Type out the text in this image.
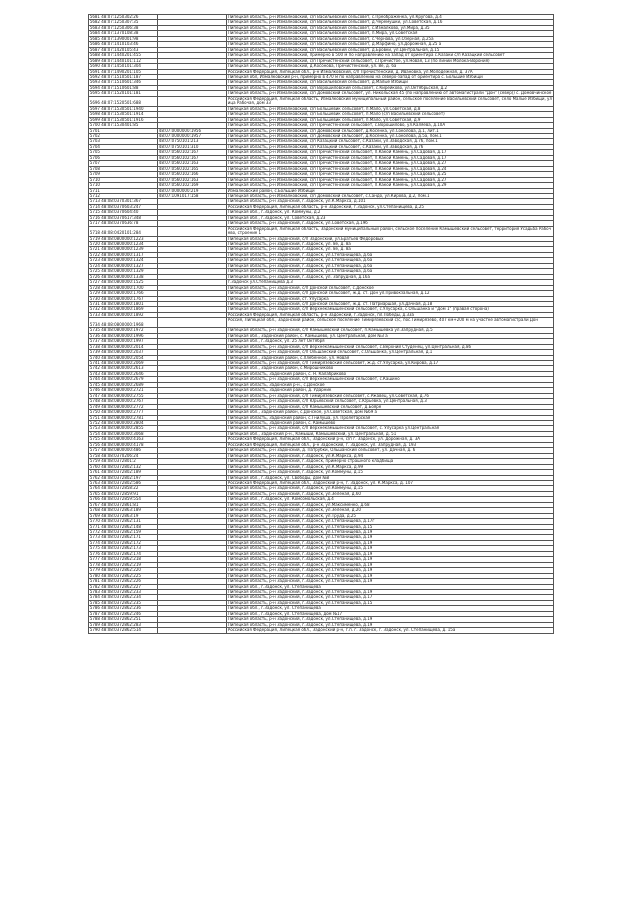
5681 48:07:1250302:26		Липецкая область, р-н Измалковский, с/п Васильевский сельсовет, с.Преображенка, ул.Кругова, д.4
5682 48:07:1250307:35		Липецкая область, р-н Измалковский, с/п Васильевский сельсовет, д.Черемушки, ул.Советская, д.16
5683 48:07:1250306:38		Липецкая область, р-н Измалковский, с/п Васильевский сельсовет, с.Измалково, ул.Мира, д.35
5684 48:07:1370108:38		Липецкая область, р-н Измалковский, с/п Васильевский сельсовет, п.Мира, ул.Советская
5685 48:07:1390001:98		Липецкая область, р-н Измалковский, с/п Васильевский сельсовет, с.Чернава, ул.Озерная, д.25а
5686 48:07:1410103:46		Липецкая область, р-н Измалковский, с/п Васильевский сельсовет, д.Марфино, ул.Дорожная, д.25 а
5687 48:07:1420105:43		Липецкая область, р-н Измалковский, с/п Васильевский сельсовет, д.Бровки, ул.Центральная, д.15
5688 48:07:1440201:455		Липецкая область, р-н Измалковский, примерно в 500 м по направлению на запад от ориентира с.Казаки с/п Казацкий сельсовет
5689 48:07:1440101:112		Липецкая область, р-н Измалковский, с/п Пречистенский сельсовет, с.Пречистое, ул.Новая, 13 (по линии Молока-Ворония)
5690 48:07:1450101:304		Липецкая область, р-н Измалковский, д.Косонова, Пречистенский, ул. 8е, д. 6а
5691 48:07:1490201:105		Российская Федерация, Липецкая обл., р-н Измалковский, с/п Пречистенский, д. Ивановка, ул.Молодежная, д. 37А
5692 48:07:1510501:187		Липецкая обл, Измалковский р-н, примерно в 470 м по направлению на северо-запад от ориентира с. Большие Избищи
5693 48:07:1510601:346		Липецкая область, р-н Измалковский, с/п Васильевский сельсовет, д.Малые Избищи
5694 48:07:1510601:88		Липецкая область, р-н Измалковский, с/п Ворошиловский сельсовет, с.Кирейково, ул.Октябрьская, д.2
5695 48:07:1520101:181		Липецкая область, р-н Измалковский, с/п Домовский сельсовет, ул. Никольская 45 (по направлению от автомагистрали "Дон" (север)) с. Домовчинское
5696 48:07:1520501:688		Российская Федерация, Липецкая область, Измалковский муниципальный район, сельское поселение Васильевский сельсовет, село Малые Избищи, улица Рабочая, дом 33
5697 48:07:1530501:1940		Липецкая область, р-н Измалковский, с/п Большевик сельсовет, п.Мало, ул.Советская, д.8
5698 48:07:1530501:1914		Липецкая область, р-н Измалковский, с/п Большевик сельсовет, п.Мало (с/п Васильевский сельсовет)
5699 48:07:1530501:1916		Липецкая область, р-н Измалковский, с/п Большевик сельсовет, п.Мало, ул.Советская, д.9
5700 48:07:1530401:85		Липецкая область, р-н Измалковский, с/п Пречистенский сельсовет, с.Ворошилово, ул.Каляева, д.10А
5701	48:07:0000000:1956	Липецкая область, р-н Измалковский, с/п Домовский сельсовет, д.Косенка, ул.Соколова, д.1, лит.1
5702	48:07:0000000:1957	Липецкая область, р-н Измалковский, с/п Домовский сельсовет, д.Косенка, ул.Соколова, д.5а, пом.1
5703	48:07:0750101:213	Липецкая область, р-н Измалковский, с/п Казацкий сельсовет, с.Казаки, ул.Заводская, д.76, пом.1
5704	48:07:0750101:310	Липецкая область, р-н Измалковский, с/п Казацкий сельсовет, с.Казаки, ул.Заводская, д.76
5705	48:07:0560102:167	Липецкая область, р-н Измалковский, с/п Пречистенский сельсовет, п.Какой Камень, ул.Садовая, д.17
5706	48:07:0560102:167	Липецкая область, р-н Измалковский, с/п Пречистенский сельсовет, п.Какой Камень, ул.Садовая, д.17
5707	48:07:0560102:163	Липецкая область, р-н Измалковский, с/п Пречистенский сельсовет, п.Какой Камень, ул.Садовая, д.27
5708	48:07:0560102:165	Липецкая область, р-н Измалковский, с/п Пречистенский сельсовет, п.Какой Камень, ул.Садовая, д.24
5709	48:07:0560102:166	Липецкая область, р-н Измалковский, с/п Пречистенский сельсовет, п.Какой Камень, ул.Садовая, д.25
5710	48:07:0560102:163	Липецкая область, р-н Измалковский, с/п Пречистенский сельсовет, п.Какой Камень, ул.Садовая, д.27
5710	48:07:0560102:169	Липецкая область, р-н Измалковский, с/п Пречистенский сельсовет, п.Какой Камень, ул.Садовая, д.29
5711	48:07:0000000:219	Измалковский район, с.Большие Избищи
5712	48:07:1091017:158	Липецкая область, р-н Измалковский, с/п Домовский сельсовет, с.Сандо, ул.Кирова, д.2, пом.1
5713 48:08:0370301:367		Липецкая область, р-н Задонский, г.Задонск, ул.К.Маркса, д.101
5714 48:08:0370603:247		Российская Федерация, Липецкая область, р-н Задонский, г.Задонск, ул.Степанищева, д.25
5715 48:08:0370604:40		Липецкая обл., г.Задонск, ул. Коммуны, д.2
5716 48:08:0370617:348		Липецкая обл., г.Задонск, ул. Советская, д.23
5717 48:08:0370636:78		Липецкая область, р-н Задонский, г.Задонск, ул.Советская, д.19б
5718 48:08:0420101:284		Российская Федерация, Липецкая область, Задонский муниципальный район, сельское поселение Камышевский сельсовет, территория Усадьба Рабочево, строение 1
5719 48:08:0800000:1223		Липецкая область, р-н Задонский, с/п Задонский, ул.Братьев Федоровых
5720 48:08:0800000:1234		Липецкая область, р-н Задонский, г.Задонск, ул. 8е, д. 8а
5721 48:08:0800000:1239		Липецкая область, р-н Задонский, г.Задонск, ул. 8е, д. 8а
5722 48:08:0800000:1317		Липецкая область, р-н Задонский, г.Задонск, ул.Степанищева, д.6а
5723 48:08:0800000:1324		Липецкая область, р-н Задонский, г.Задонск, ул.Степанищева, д.6а
5724 48:08:0800000:1327		Липецкая область, р-н Задонский, г.Задонск, ул.Степанищева, д.6а
5725 48:08:0800000:1329		Липецкая область, р-н Задонский, г.Задонск, ул.Степанищева, д.6а
5726 48:08:0800000:1338		Липецкая область, р-н Задонский, г.Задонск, ул. Запрудная, д.16а
5727 48:08:0800000:1525		г.Задонск ул.Степанищева д.3
5728 48:08:0800000:1700		Липецкая область, р-н Задонский, с/п Донской сельсовет, с.Донское
5729 48:08:0800000:1766		Липецкая область, р-н Задонский, с/п Донской сельсовет, ж.д. ст. Дон ул.Привокзальная, д.12
5730 48:08:0800000:1767		Липецкая область, р-н Задонский, ст. Улусарка
5731 48:08:0800000:1801		Липецкая область, р-н Задонский, с/п Донской сельсовет, ж.д. ст. Патриаршая, ул.Дачная, д.18
5732 48:08:0800000:1869		Липецкая область, р-н Задонский, с/п Верхнекамышенский сельсовет, с.Улусарка, с.Ольшанка и "Дом 1" (правая сторона)
5733 48:08:0800000:1892		Российская Федерация, Липецкая область, р-н Задонский, г.Задонск, пл.Победы, д.33а
5734 48:08:0800000:1968		Россия, Липецкая обл., Задонский район, сельское поселение Тимирязевский с/с, пос.Тимирязево, 407 км+200 м на участке автомагистрали Дон
5735 48:08:0800000:1972		Липецкая область, р-н Задонский, с/п Камышевский сельсовет, п.Камышевка ул.Запрудная, д.5
5736 48:08:0800000:1996		Липецкая обл., Задонский район, с. Камышево, ул. Центральная, дом №3 а
5737 48:08:0800000:1997		Липецкая обл., г.Задонск, ул. 25 лет Октября
5738 48:08:0800000:2014		Липецкая область, р-н Задонский, с/п Верхнекамышенский сельсовет, с.Верхний Студенец, ул.Центральная, д.86
5739 48:08:0800000:2037		Липецкая область, р-н Задонский, с/п Ольшанский сельсовет, с.Ольшанка, ул.Центральная, д.1
5740 48:08:0800000:2054		Липецкая обл., Задонский район, с.Хлебенное, ул. Новая
5741 48:08:0800000:2069		Липецкая область, р-н Задонский, с/п Тимирязевский сельсовет, ж.д. ст.Улусарка, ул.Кирова, д.17
5742 48:08:0800000:2613		Липецкая обл., Задонский район, с.Мирошниково
5743 48:08:0800000:2646		Липецкая область, Задонский район, с. Н. Калабриково
5744 48:08:0800000:2679		Липецкая область, р-н Задонский, с/п Верхнекамышенский сельсовет, с.Кашино
5745 48:08:0800000:2689		Липецкая область, Задонский р-н., с.Донское
5746 48:08:0800000:2721		Липецкая область, Задонский район, д. Ударник
5747 48:08:0800000:2755		Липецкая область, р-н Задонский, с/п Тимирязевский сельсовет, с.Ржавец, ул.Советская, д.76
5748 48:08:0800000:2767		Липецкая область, р-н Задонский, с/п Юрьевский сельсовет, с.Юрьевка, ул.Центральная, д.3
5749 48:08:0800000:2772		Липецкая область, р-н Задонский, с/п Камышевский сельсовет, д.Бояре
5750 48:08:0800000:2777		Липецкая обл., Задонский район, с.Донское, ул.Советская, дом №69 а
5751 48:08:0800000:2781		Липецкая область, Задонский район, с.Гнилуша, ул. Пролетарская
5752 48:08:0800000:2804		Липецкая область, Задонский район, с. Камышево
5753 48:08:0800000:2855		Липецкая область, р-н Задонский, с/п Верхнекамышенский сельсовет, с. Улусарка ул.Центральная
5754 48:08:0800000:3068		Липецкая обл., Задонский р-н., Камыши, Камышевский, ул. Центральная, д. 51
5755 48:08:0800000:4163		Российская Федерация, Липецкая обл., Задонский р-н, с/п г. Задонск, ул. Дорожная, д. 3А
5756 48:08:0800000:4178		Российская Федерация, Липецкая обл., р-н Задонский, г. Задонск, ул. Запрудная, д. 193
5757 48:08:0800000:486		Липецкая область, р-н Задонский, д. Патрубки, Ольшанский сельсовет, ул. Дачная, д. 6
5758 48:08:0370206:24		Липецкая область, р-н Задонский, г.Задонск, ул.К.Маркса, д.94
5759 48:08:0372801:2		Липецкая область, р-н Задонский, г.Задонск, примерно страшного кладбища
5760 48:08:0372802:132		Липецкая область, р-н Задонский, г.Задонск, ул.К.Маркса, д.99
5761 48:08:0372802:189		Липецкая область, р-н Задонский, г.Задонск, ул.Коммуны, д.15
5762 48:08:0372802:197		Липецкая обл., г.Задонск, ул. Свободы, дом №8
5763 48:08:0372802:586		Российская Федерация, Липецкая обл., Задонский р-н, г. Задонск, ул. К.Маркса, д. 107
5764 48:08:0372858:22		Липецкая область, р-н Задонский, г.Задонск, ул.Коммуны, д.15
5765 48:08:0372859:91		Липецкая область, р-н Задонский, г.Задонск, ул.Зеленая, д.60
5766 48:08:0372859:554		Липецкая обл., г.Задонск, ул. Комсомольская, д.4
5767 48:08:0372861:81		Липецкая область, р-н Задонский, г.Задонск, ул.Максименко, д.68
5768 48:08:0372863:189		Липецкая область, р-н Задонский, г.Задонск, ул.Зеленая, д.20
5769 48:08:0372863:19		Липецкая область, р-н Задонский, г.Задонск, ул.Труда, д.25
5770 48:08:0372862:131		Липецкая область, р-н Задонский, г.Задонск, ул.Степанищева, д.17г
5771 48:08:0372862:148		Липецкая область, р-н Задонский, г.Задонск, ул.Степанищева, д.15
5772 48:08:0372862:159		Липецкая область, р-н Задонский, г.Задонск, ул.Степанищева, д.19
5773 48:08:0372862:171		Липецкая область, р-н Задонский, г.Задонск, ул.Степанищева, д.19
5774 48:08:0372862:172		Липецкая область, р-н Задонский, г.Задонск, ул.Степанищева, д.19
5775 48:08:0372862:173		Липецкая область, р-н Задонский, г.Задонск, ул.Степанищева, д.19
5776 48:08:0372862:174		Липецкая область, р-н Задонский, г.Задонск, ул.Степанищева, д.19
5777 48:08:0372862:218		Липецкая область, р-н Задонский, г.Задонск, ул.Степанищева, д.19
5778 48:08:0372862:219		Липецкая область, р-н Задонский, г.Задонск, ул.Степанищева, д.19
5779 48:08:0372862:220		Липецкая область, р-н Задонский, г.Задонск, ул.Степанищева, д.19
5780 48:08:0372862:225		Липецкая область, р-н Задонский, г.Задонск, ул.Степанищева, д.19
5781 48:08:0372862:226		Липецкая область, р-н Задонский, г.Задонск, ул.Степанищева, д.19
5782 48:08:0372862:227		Липецкая обл., г.Задонск, ул. Степанищева
5783 48:08:0372862:233		Липецкая область, р-н Задонский, г.Задонск, ул.Степанищева, д.19
5784 48:08:0372862:234		Липецкая область, р-н Задонский, г.Задонск, ул.Степанищева, д.17
5785 48:08:0372862:235		Липецкая область, р-н Задонский, г.Задонск, ул.Степанищева, д.15
5786 48:08:0372862:236		Липецкая обл., г.Задонск, ул. Степанищева
5787 48:08:0372862:246		Липецкая обл., г.Задонск, ул. Степанищева, дом №17
5788 48:08:0372862:251		Липецкая область, р-н Задонский, г.Задонск, ул.Степанищева, д.19
5789 48:08:0372862:283		Липецкая область, р-н Задонский, г.Задонск, ул.Степанищева, д.19
5790 48:08:0372862:514		Российская Федерация, Липецкая обл., Задонский р-н, г.п. г. Задонск, г. Задонск, ул. Степанищева, д. 15а
